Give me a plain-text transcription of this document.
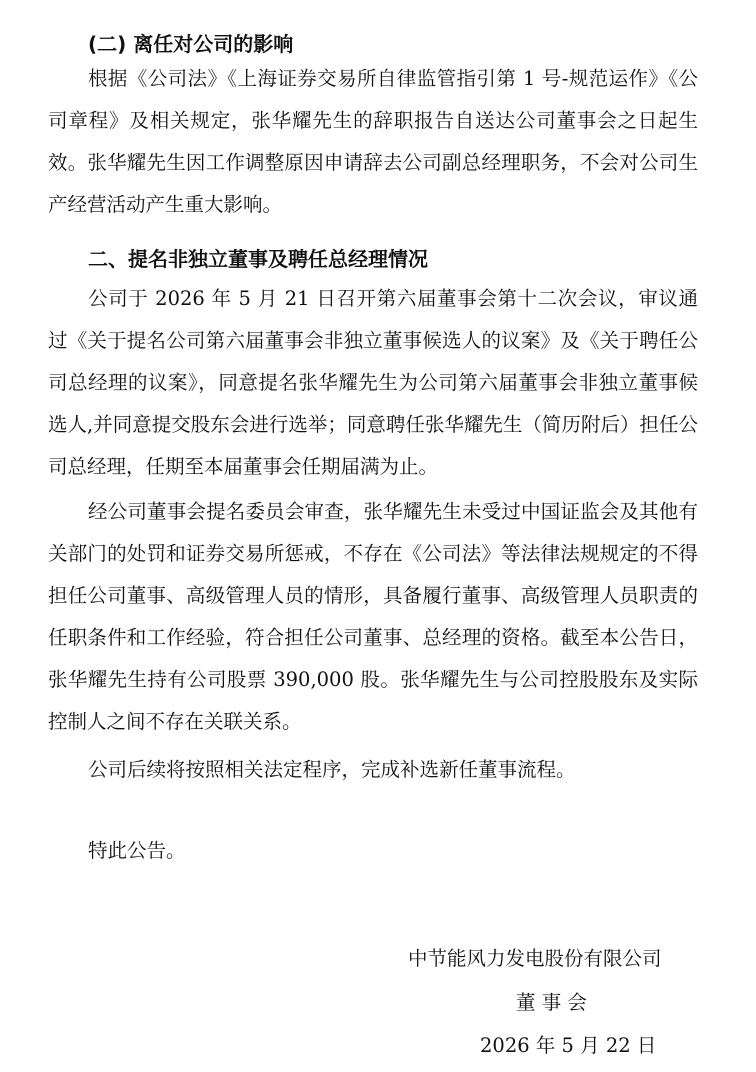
(二) 离任对公司的影响

根据《公司法》《上海证券交易所自律监管指引第 1 号-规范运作》《公司章程》及相关规定，张华耀先生的辞职报告自送达公司董事会之日起生效。张华耀先生因工作调整原因申请辞去公司副总经理职务，不会对公司生产经营活动产生重大影响。

二、提名非独立董事及聘任总经理情况

公司于 2026 年 5 月 21 日召开第六届董事会第十二次会议，审议通过《关于提名公司第六届董事会非独立董事候选人的议案》及《关于聘任公司总经理的议案》，同意提名张华耀先生为公司第六届董事会非独立董事候选人,并同意提交股东会进行选举；同意聘任张华耀先生（简历附后）担任公司总经理，任期至本届董事会任期届满为止。

经公司董事会提名委员会审查，张华耀先生未受过中国证监会及其他有关部门的处罚和证券交易所惩戒，不存在《公司法》等法律法规规定的不得担任公司董事、高级管理人员的情形，具备履行董事、高级管理人员职责的任职条件和工作经验，符合担任公司董事、总经理的资格。截至本公告日，张华耀先生持有公司股票 390,000 股。张华耀先生与公司控股股东及实际控制人之间不存在关联关系。

公司后续将按照相关法定程序，完成补选新任董事流程。

特此公告。

中节能风力发电股份有限公司
董 事 会
2026 年 5 月 22 日
